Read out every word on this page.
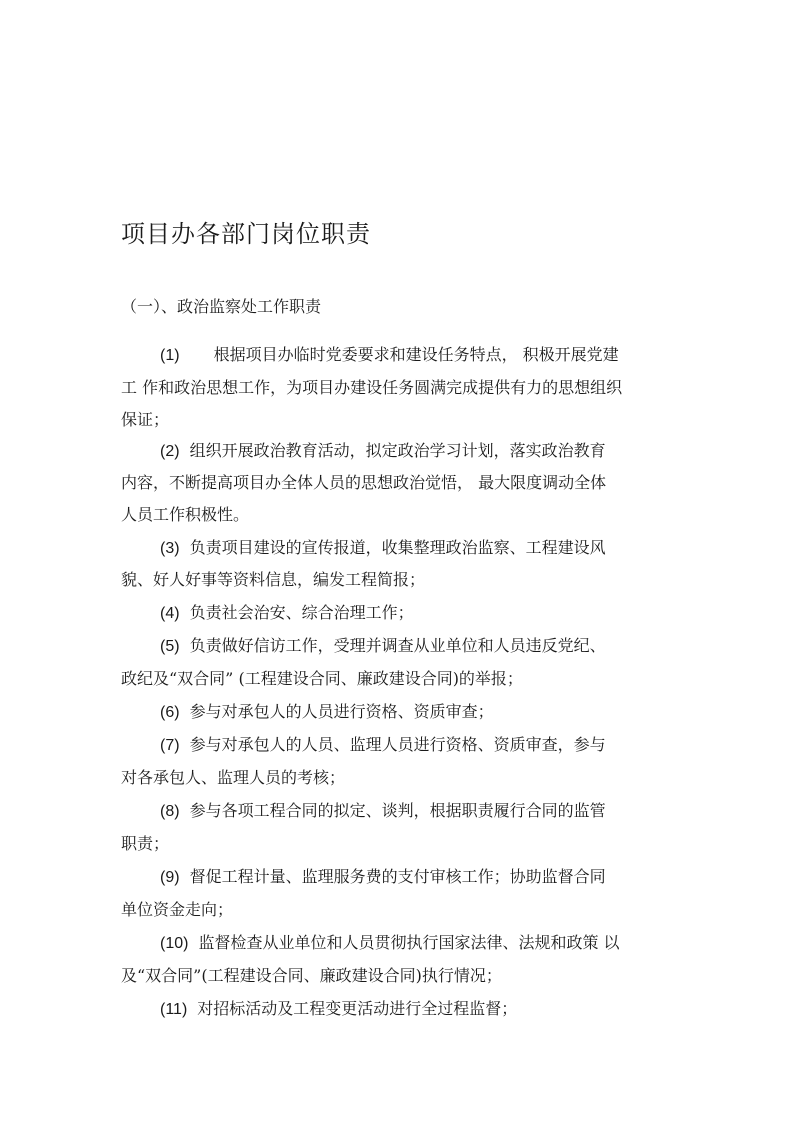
项目办各部门岗位职责
（一）、政治监察处工作职责
(1) 根据项目办临时党委要求和建设任务特点， 积极开展党建
工 作和政治思想工作，为项目办建设任务圆满完成提供有力的思想组织
保证；
(2) 组织开展政治教育活动，拟定政治学习计划，落实政治教育
内容，不断提高项目办全体人员的思想政治觉悟， 最大限度调动全体
人员工作积极性。
(3) 负责项目建设的宣传报道，收集整理政治监察、工程建设风
貌、好人好事等资料信息，编发工程简报；
(4) 负责社会治安、综合治理工作；
(5) 负责做好信访工作，受理并调查从业单位和人员违反党纪、
政纪及“双合同” (工程建设合同、廉政建设合同)的举报；
(6) 参与对承包人的人员进行资格、资质审查；
(7) 参与对承包人的人员、监理人员进行资格、资质审查，参与
对各承包人、监理人员的考核；
(8) 参与各项工程合同的拟定、谈判，根据职责履行合同的监管
职责；
(9) 督促工程计量、监理服务费的支付审核工作；协助监督合同
单位资金走向；
(10) 监督检查从业单位和人员贯彻执行国家法律、法规和政策 以
及“双合同”(工程建设合同、廉政建设合同)执行情况；
(11) 对招标活动及工程变更活动进行全过程监督；
